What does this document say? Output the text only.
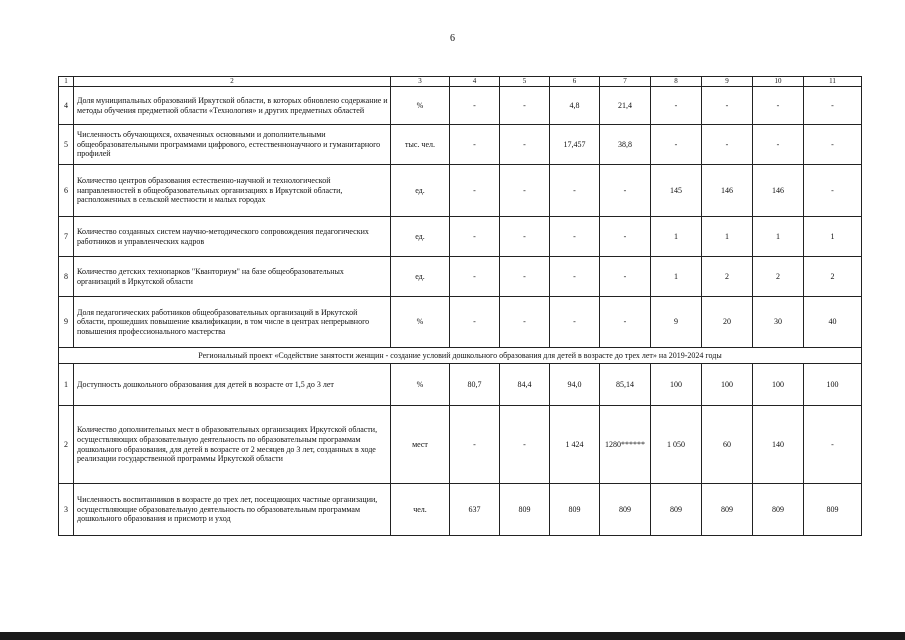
6
1	2	3	4	5	6	7	8	9	10	11
4	Доля муниципальных образований Иркутской области, в которых обновлено содержание и методы обучения предметной области «Технология» и других предметных областей	%	-	-	4,8	21,4	-	-	-	-
5	Численность обучающихся, охваченных основными и дополнительными общеобразовательными программами цифрового, естественнонаучного и гуманитарного профилей	тыс. чел.	-	-	17,457	38,8	-	-	-	-
6	Количество центров образования естественно-научной и технологической направленностей в общеобразовательных организациях в Иркутской области, расположенных в сельской местности и малых городах	ед.	-	-	-	-	145	146	146	-
7	Количество созданных систем научно-методического сопровождения педагогических работников и управленческих кадров	ед.	-	-	-	-	1	1	1	1
8	Количество детских технопарков "Кванториум" на базе общеобразовательных организаций в Иркутской области	ед.	-	-	-	-	1	2	2	2
9	Доля педагогических работников общеобразовательных организаций в Иркутской области, прошедших повышение квалификации, в том числе в центрах непрерывного повышения профессионального мастерства	%	-	-	-	-	9	20	30	40
Региональный проект «Содействие занятости женщин - создание условий дошкольного образования для детей в возрасте до трех лет» на 2019-2024 годы										
1	Доступность дошкольного образования для детей в возрасте от 1,5 до 3 лет	%	80,7	84,4	94,0	85,14	100	100	100	100
2	Количество дополнительных мест в образовательных организациях Иркутской области, осуществляющих образовательную деятельность по образовательным программам дошкольного образования, для детей в возрасте от 2 месяцев до 3 лет, созданных в ходе реализации государственной программы Иркутской области	мест	-	-	1 424	1280******	1 050	60	140	-
3	Численность воспитанников в возрасте до трех лет, посещающих частные организации, осуществляющие образовательную деятельность по образовательным программам дошкольного образования и присмотр и уход	чел.	637	809	809	809	809	809	809	809
